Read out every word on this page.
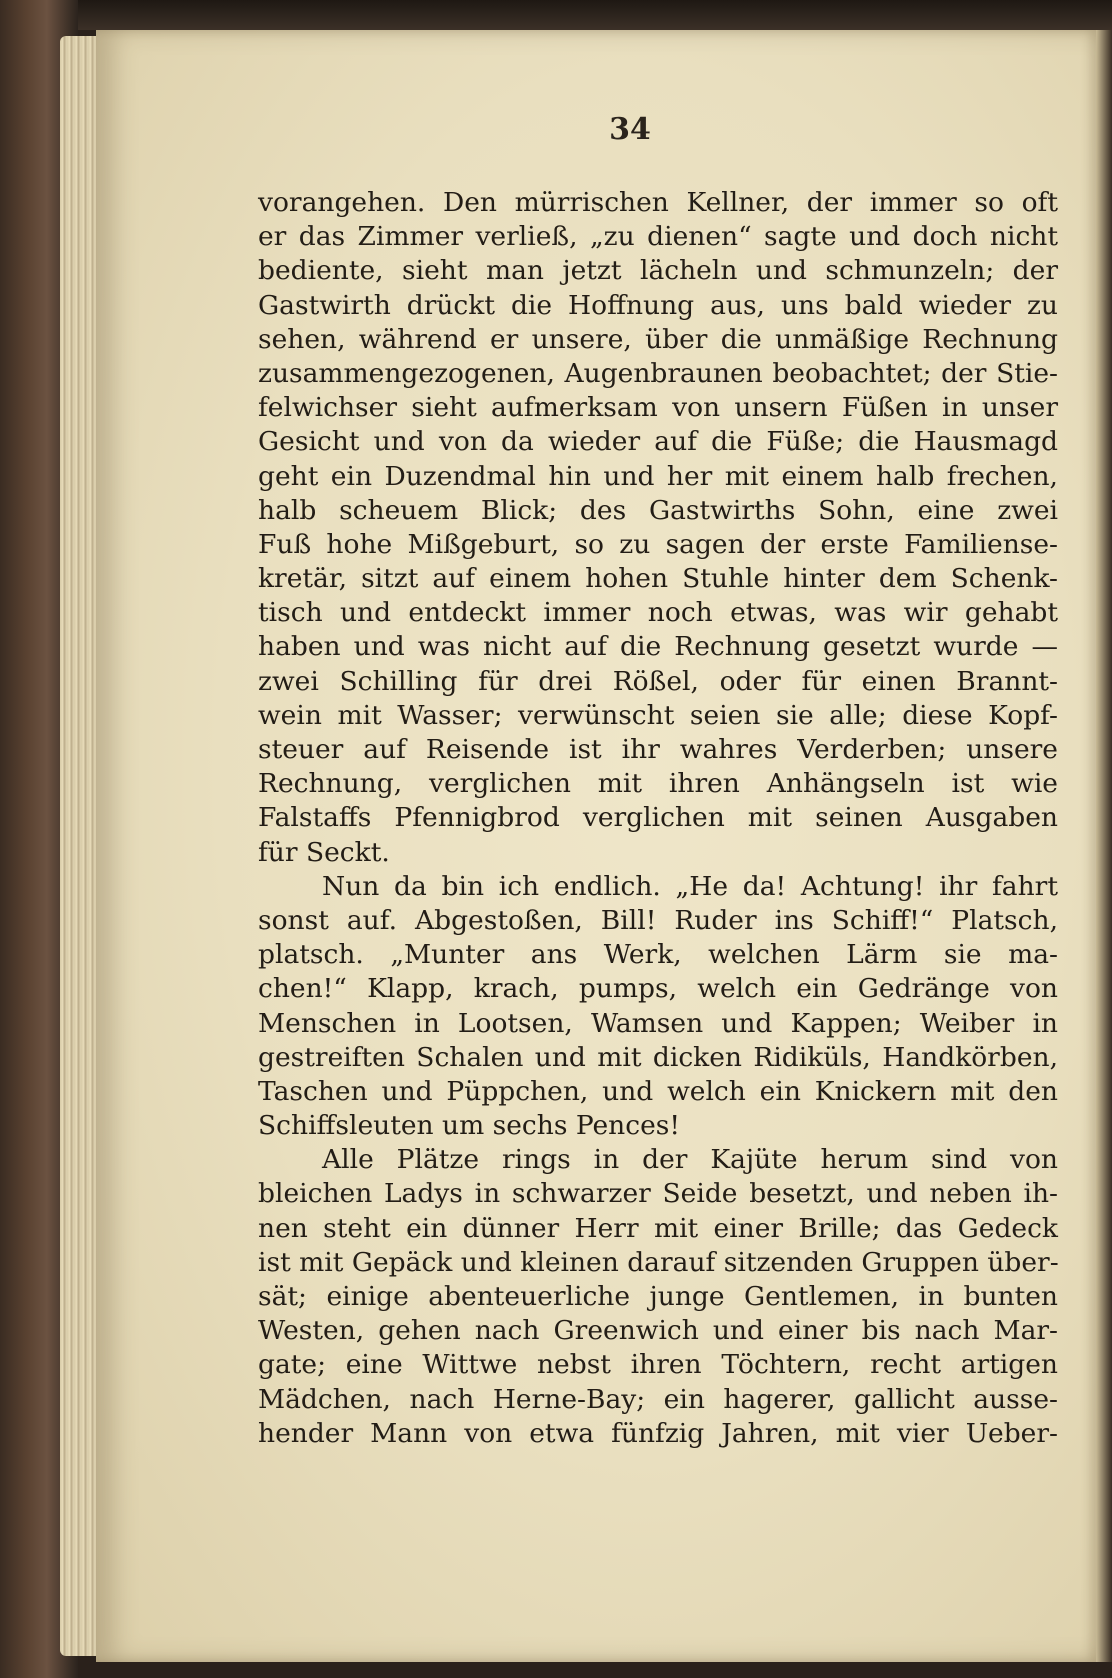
34
vorangehen. Den mürrischen Kellner, der immer so oft
er das Zimmer verließ, „zu dienen“ sagte und doch nicht
bediente, sieht man jetzt lächeln und schmunzeln; der
Gastwirth drückt die Hoffnung aus, uns bald wieder zu
sehen, während er unsere, über die unmäßige Rechnung
zusammengezogenen, Augenbraunen beobachtet; der Stie-
felwichser sieht aufmerksam von unsern Füßen in unser
Gesicht und von da wieder auf die Füße; die Hausmagd
geht ein Duzendmal hin und her mit einem halb frechen,
halb scheuem Blick; des Gastwirths Sohn, eine zwei
Fuß hohe Mißgeburt, so zu sagen der erste Familiense-
kretär, sitzt auf einem hohen Stuhle hinter dem Schenk-
tisch und entdeckt immer noch etwas, was wir gehabt
haben und was nicht auf die Rechnung gesetzt wurde —
zwei Schilling für drei Rößel, oder für einen Brannt-
wein mit Wasser; verwünscht seien sie alle; diese Kopf-
steuer auf Reisende ist ihr wahres Verderben; unsere
Rechnung, verglichen mit ihren Anhängseln ist wie
Falstaffs Pfennigbrod verglichen mit seinen Ausgaben
für Seckt.
Nun da bin ich endlich. „He da! Achtung! ihr fahrt
sonst auf. Abgestoßen, Bill! Ruder ins Schiff!“ Platsch,
platsch. „Munter ans Werk, welchen Lärm sie ma-
chen!“ Klapp, krach, pumps, welch ein Gedränge von
Menschen in Lootsen, Wamsen und Kappen; Weiber in
gestreiften Schalen und mit dicken Ridiküls, Handkörben,
Taschen und Püppchen, und welch ein Knickern mit den
Schiffsleuten um sechs Pences!
Alle Plätze rings in der Kajüte herum sind von
bleichen Ladys in schwarzer Seide besetzt, und neben ih-
nen steht ein dünner Herr mit einer Brille; das Gedeck
ist mit Gepäck und kleinen darauf sitzenden Gruppen über-
sät; einige abenteuerliche junge Gentlemen, in bunten
Westen, gehen nach Greenwich und einer bis nach Mar-
gate; eine Wittwe nebst ihren Töchtern, recht artigen
Mädchen, nach Herne-Bay; ein hagerer, gallicht ausse-
hender Mann von etwa fünfzig Jahren, mit vier Ueber-
